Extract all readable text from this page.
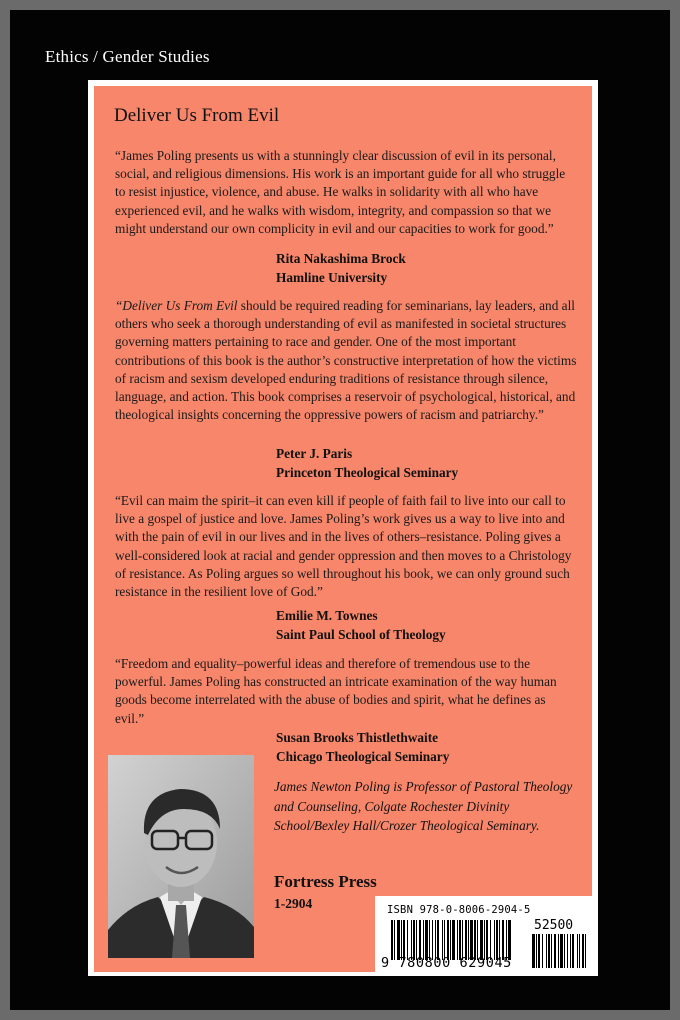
Ethics / Gender Studies
Deliver Us From Evil

“James Poling presents us with a stunningly clear discussion of evil in its personal, social, and religious dimensions. His work is an important guide for all who struggle to resist injustice, violence, and abuse. He walks in solidarity with all who have experienced evil, and he walks with wisdom, integrity, and compassion so that we might understand our own complicity in evil and our capacities to work for good.”

Rita Nakashima Brock
Hamline University

“Deliver Us From Evil should be required reading for seminarians, lay leaders, and all others who seek a thorough understanding of evil as manifested in societal structures governing matters pertaining to race and gender. One of the most important contributions of this book is the author’s constructive interpretation of how the victims of racism and sexism developed enduring traditions of resistance through silence, language, and action. This book comprises a reservoir of psychological, historical, and theological insights concerning the oppressive powers of racism and patriarchy.”

Peter J. Paris
Princeton Theological Seminary

“Evil can maim the spirit–it can even kill if people of faith fail to live into our call to live a gospel of justice and love. James Poling’s work gives us a way to live into and with the pain of evil in our lives and in the lives of others–resistance. Poling gives a well-considered look at racial and gender oppression and then moves to a Christology of resistance. As Poling argues so well throughout his book, we can only ground such resistance in the resilient love of God.”

Emilie M. Townes
Saint Paul School of Theology

“Freedom and equality–powerful ideas and therefore of tremendous use to the powerful. James Poling has constructed an intricate examination of the way human goods become interrelated with the abuse of bodies and spirit, what he defines as evil.”

Susan Brooks Thistlethwaite
Chicago Theological Seminary

James Newton Poling is Professor of Pastoral Theology and Counseling, Colgate Rochester Divinity School/Bexley Hall/Crozer Theological Seminary.

Fortress Press
1-2904	ISBN 978-0-8006-2904-5
52500
9 780800 629045
